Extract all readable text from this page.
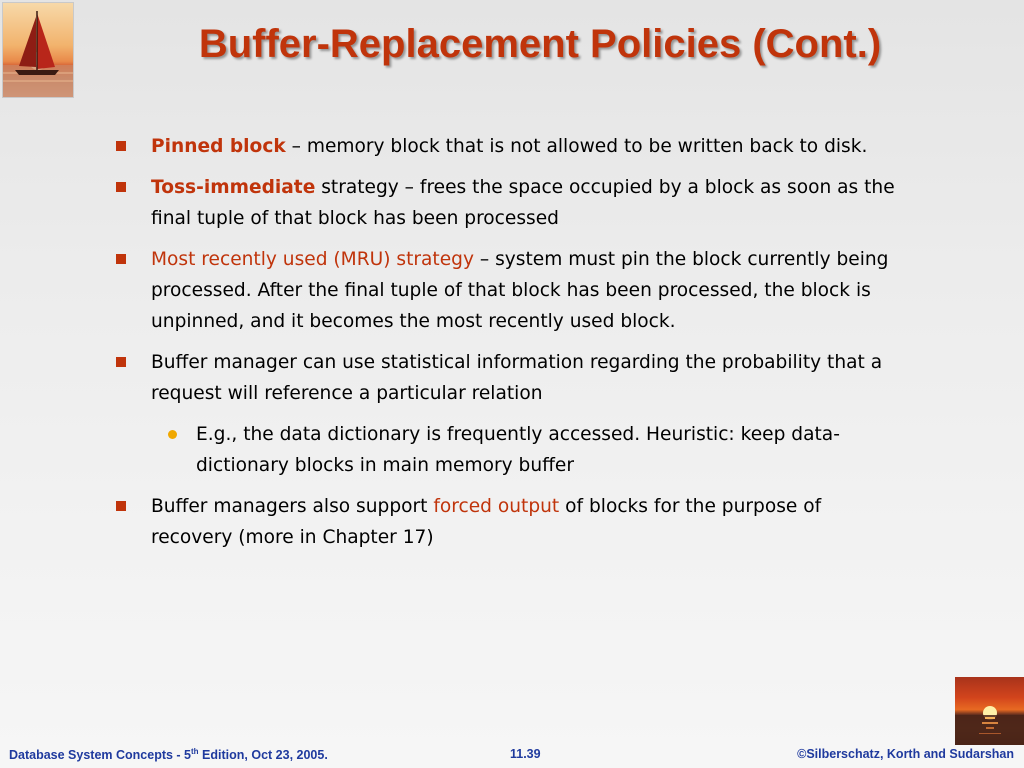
Buffer-Replacement Policies (Cont.)
Pinned block – memory block that is not allowed to be written back to disk.
Toss-immediate strategy – frees the space occupied by a block as soon as the final tuple of that block has been processed
Most recently used (MRU) strategy – system must pin the block currently being processed. After the final tuple of that block has been processed, the block is unpinned, and it becomes the most recently used block.
Buffer manager can use statistical information regarding the probability that a request will reference a particular relation
E.g., the data dictionary is frequently accessed. Heuristic: keep data-dictionary blocks in main memory buffer
Buffer managers also support forced output of blocks for the purpose of recovery (more in Chapter 17)
Database System Concepts - 5th Edition, Oct 23, 2005.	11.39	©Silberschatz, Korth and Sudarshan
